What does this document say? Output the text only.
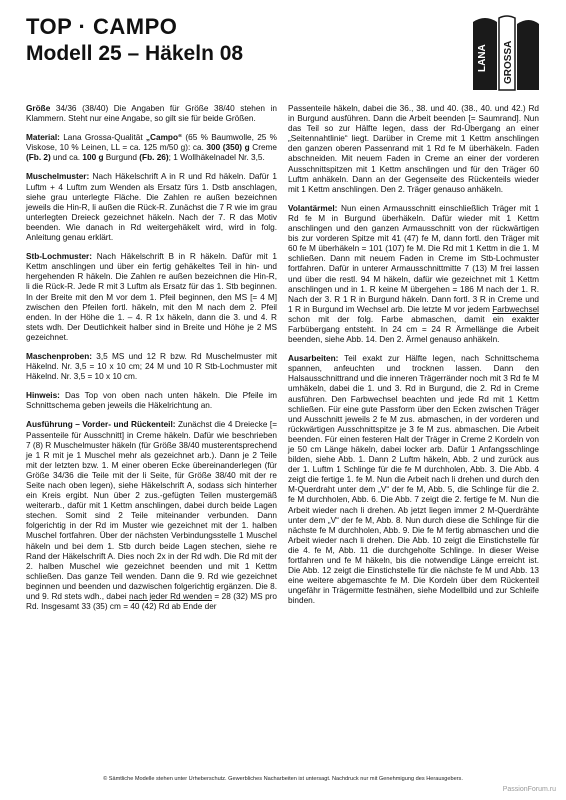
TOP · CAMPO
Modell 25 – Häkeln 08	LANA GROSSA

Größe 34/36 (38/40) Die Angaben für Größe 38/40 stehen in Klammern. Steht nur eine Angabe, so gilt sie für beide Größen.

Material: Lana Grossa-Qualität „Campo“ (65 % Baumwolle, 25 % Viskose, 10 % Leinen, LL = ca. 125 m/50 g): ca. 300 (350) g Creme (Fb. 2) und ca. 100 g Burgund (Fb. 26); 1 Wollhäkelnadel Nr. 3,5.

Muschelmuster: Nach Häkelschrift A in R und Rd häkeln. Dafür 1 Luftm + 4 Luftm zum Wenden als Ersatz fürs 1. Dstb anschlagen, siehe grau unterlegte Fläche. Die Zahlen re außen bezeichnen jeweils die Hin-R, li außen die Rück-R. Zunächst die 7 R wie im grau unterlegten Dreieck gezeichnet häkeln. Nach der 7. R das Motiv beenden. Wie danach in Rd weitergehäkelt wird, wird in folg. Anleitung genau erklärt.

Stb-Lochmuster: Nach Häkelschrift B in R häkeln. Dafür mit 1 Kettm anschlingen und über ein fertig gehäkeltes Teil in hin- und hergehenden R häkeln. Die Zahlen re außen bezeichnen die Hin-R, li die Rück-R. Jede R mit 3 Luftm als Ersatz für das 1. Stb beginnen. In der Breite mit den M vor dem 1. Pfeil beginnen, den MS [= 4 M] zwischen den Pfeilen fortl. häkeln, mit den M nach dem 2. Pfeil enden. In der Höhe die 1. – 4. R 1x häkeln, dann die 3. und 4. R stets wdh. Der Deutlichkeit halber sind in Breite und Höhe je 2 MS gezeichnet.

Maschenproben: 3,5 MS und 12 R bzw. Rd Muschelmuster mit Häkelnd. Nr. 3,5 = 10 x 10 cm; 24 M und 10 R Stb-Lochmuster mit Häkelnd. Nr. 3,5 = 10 x 10 cm.

Hinweis: Das Top von oben nach unten häkeln. Die Pfeile im Schnittschema geben jeweils die Häkelrichtung an.

Ausführung – Vorder- und Rückenteil: Zunächst die 4 Dreiecke [= Passenteile für Ausschnitt] in Creme häkeln. Dafür wie beschrieben 7 (8) R Muschelmuster häkeln (für Größe 38/40 musterentsprechend je 1 R mit je 1 Muschel mehr als gezeichnet arb.). Dann je 2 Teile mit der letzten bzw. 1. M einer oberen Ecke übereinanderlegen (für Größe 34/36 die Teile mit der li Seite, für Größe 38/40 mit der re Seite nach oben legen), siehe Häkelschrift A, sodass sich hinterher ein Kreis ergibt. Nun über 2 zus.-gefügten Teilen mustergemäß weiterarb., dafür mit 1 Kettm anschlingen, dabei durch beide Lagen stechen. Somit sind 2 Teile miteinander verbunden. Dann folgerichtig in der Rd im Muster wie gezeichnet mit der 1. halben Muschel fortfahren. Über der nächsten Verbindungsstelle 1 Muschel häkeln und bei dem 1. Stb durch beide Lagen stechen, siehe re Rand der Häkelschrift A. Dies noch 2x in der Rd wdh. Die Rd mit der 2. halben Muschel wie gezeichnet beenden und mit 1 Kettm schließen. Das ganze Teil wenden. Dann die 9. Rd wie gezeichnet beginnen und beenden und dazwischen folgerichtig ergänzen. Die 8. und 9. Rd stets wdh., dabei nach jeder Rd wenden = 28 (32) MS pro Rd. Insgesamt 33 (35) cm = 40 (42) Rd ab Ende der

Passenteile häkeln, dabei die 36., 38. und 40. (38., 40. und 42.) Rd in Burgund ausführen. Dann die Arbeit beenden [= Saumrand]. Nun das Teil so zur Hälfte legen, dass der Rd-Übergang an einer „Seitennahtlinie“ liegt. Darüber in Creme mit 1 Kettm anschlingen den ganzen oberen Passenrand mit 1 Rd fe M überhäkeln. Faden abschneiden. Mit neuem Faden in Creme an einer der vorderen Ausschnittspitzen mit 1 Kettm anschlingen und für den Träger 60 Luftm anhäkeln. Dann an der Gegenseite des Rückenteils wieder mit 1 Kettm anschlingen. Den 2. Träger genauso anhäkeln.

Volantärmel: Nun einen Armausschnitt einschließlich Träger mit 1 Rd fe M in Burgund überhäkeln. Dafür wieder mit 1 Kettm anschlingen und den ganzen Armausschnitt von der rückwärtigen bis zur vorderen Spitze mit 41 (47) fe M, dann fortl. den Träger mit 60 fe M überhäkeln = 101 (107) fe M. Die Rd mit 1 Kettm in die 1. M schließen. Dann mit neuem Faden in Creme im Stb-Lochmuster fortfahren. Dafür in unterer Armausschnittmitte 7 (13) M frei lassen und über die restl. 94 M häkeln, dafür wie gezeichnet mit 1 Kettm anschlingen und in 1. R keine M übergehen = 186 M nach der 1. R. Nach der 3. R 1 R in Burgund häkeln. Dann fortl. 3 R in Creme und 1 R in Burgund im Wechsel arb. Die letzte M vor jedem Farbwechsel schon mit der folg. Farbe abmaschen, damit ein exakter Farbübergang entsteht. In 24 cm = 24 R Ärmellänge die Arbeit beenden, siehe Abb. 14. Den 2. Ärmel genauso anhäkeln.

Ausarbeiten: Teil exakt zur Hälfte legen, nach Schnittschema spannen, anfeuchten und trocknen lassen. Dann den Halsausschnittrand und die inneren Trägerränder noch mit 3 Rd fe M umhäkeln, dabei die 1. und 3. Rd in Burgund, die 2. Rd in Creme ausführen. Den Farbwechsel beachten und jede Rd mit 1 Kettm schließen. Für eine gute Passform über den Ecken zwischen Träger und Ausschnitt jeweils 2 fe M zus. abmaschen, in der vorderen und rückwärtigen Ausschnittspitze je 3 fe M zus. abmaschen. Die Arbeit beenden. Für einen festeren Halt der Träger in Creme 2 Kordeln von je 50 cm Länge häkeln, dabei locker arb. Dafür 1 Anfangsschlinge bilden, siehe Abb. 1. Dann 2 Luftm häkeln, Abb. 2 und zurück aus der 1. Luftm 1 Schlinge für die fe M durchholen, Abb. 3. Die Abb. 4 zeigt die fertige 1. fe M. Nun die Arbeit nach li drehen und durch den M-Querdraht unter dem „V“ der fe M, Abb. 5, die Schlinge für die 2. fe M durchholen, Abb. 6. Die Abb. 7 zeigt die 2. fertige fe M. Nun die Arbeit wieder nach li drehen. Ab jetzt liegen immer 2 M-Querdrähte unter dem „V“ der fe M, Abb. 8. Nun durch diese die Schlinge für die nächste fe M durchholen, Abb. 9. Die fe M fertig abmaschen und die Arbeit wieder nach li drehen. Die Abb. 10 zeigt die Einstichstelle für die 4. fe M, Abb. 11 die durchgeholte Schlinge. In dieser Weise fortfahren und fe M häkeln, bis die notwendige Länge erreicht ist. Die Abb. 12 zeigt die Einstichstelle für die nächste fe M und Abb. 13 eine weitere abgemaschte fe M. Die Kordeln über dem Rückenteil ungefähr in Trägermitte festnähen, siehe Modellbild und zur Schleife binden.

© Sämtliche Modelle stehen unter Urheberschutz. Gewerbliches Nacharbeiten ist untersagt. Nachdruck nur mit Genehmigung des Herausgebers.
PassionForum.ru
